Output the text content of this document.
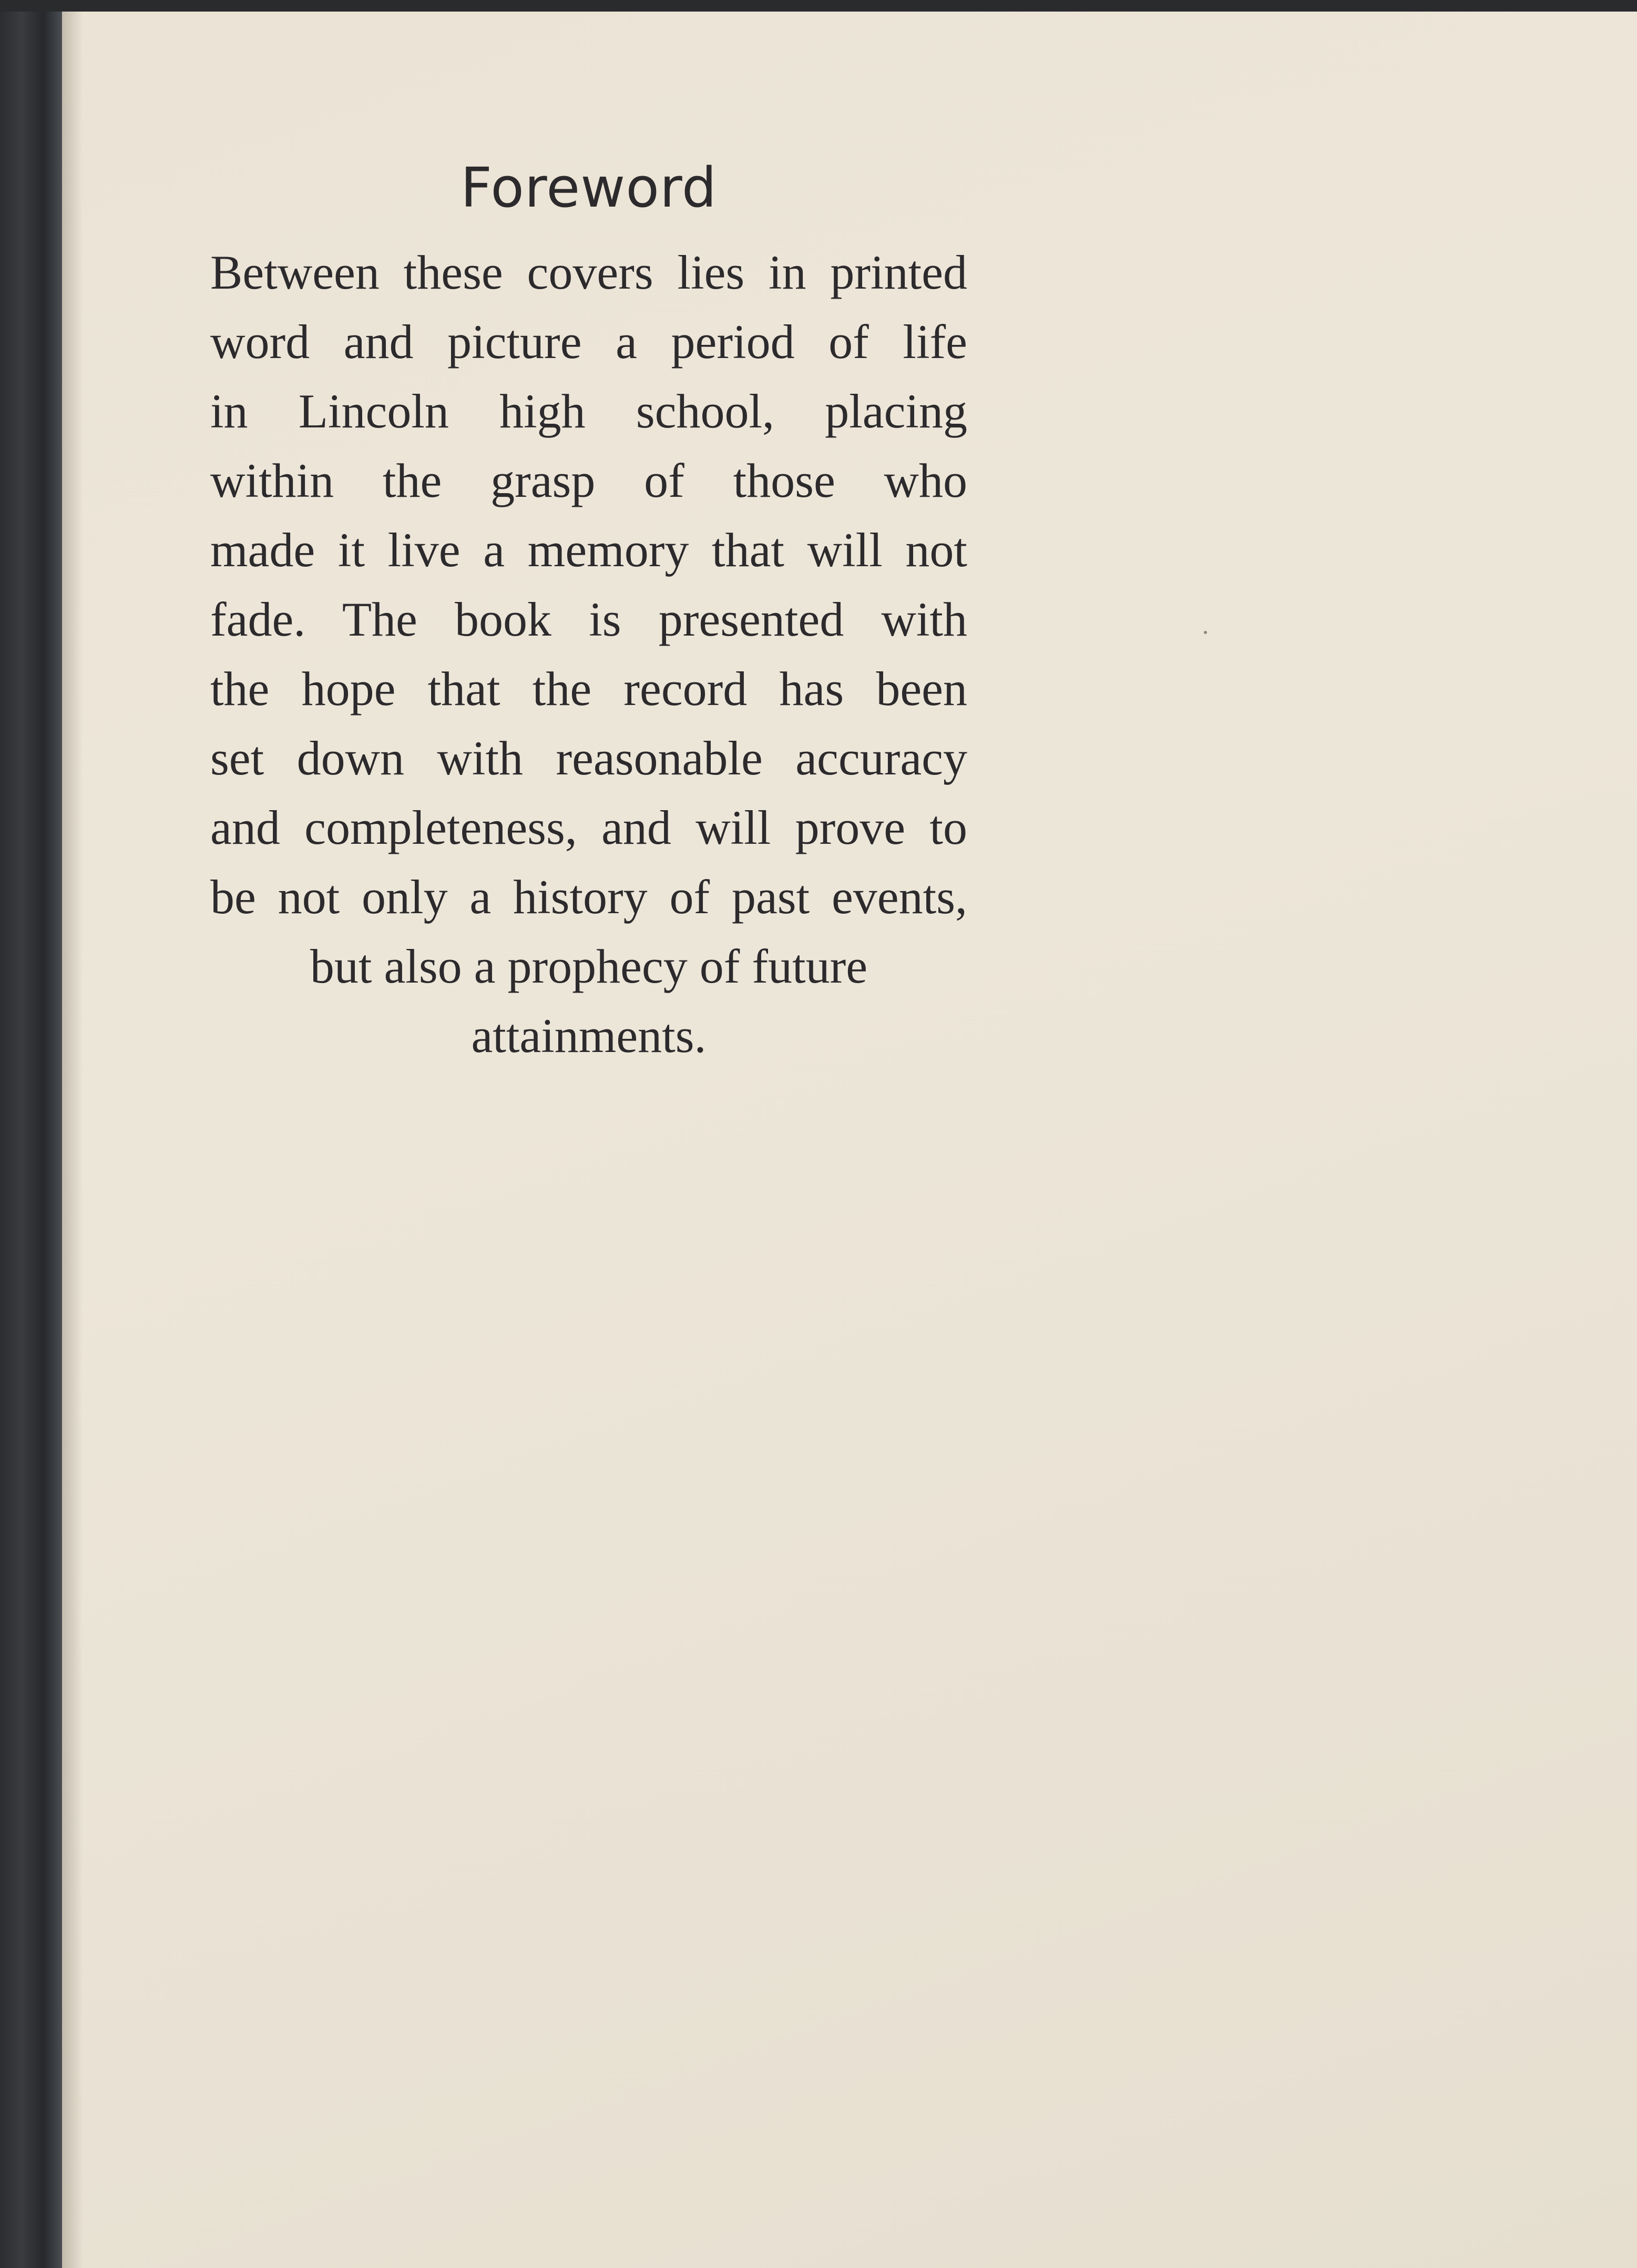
Foreword

Between these covers lies in printed
word and picture a period of life
in Lincoln high school, placing
within the grasp of those who
made it live a memory that will not
fade. The book is presented with
the hope that the record has been
set down with reasonable accuracy
and completeness, and will prove to
be not only a history of past events,
but also a prophecy of future
attainments.
